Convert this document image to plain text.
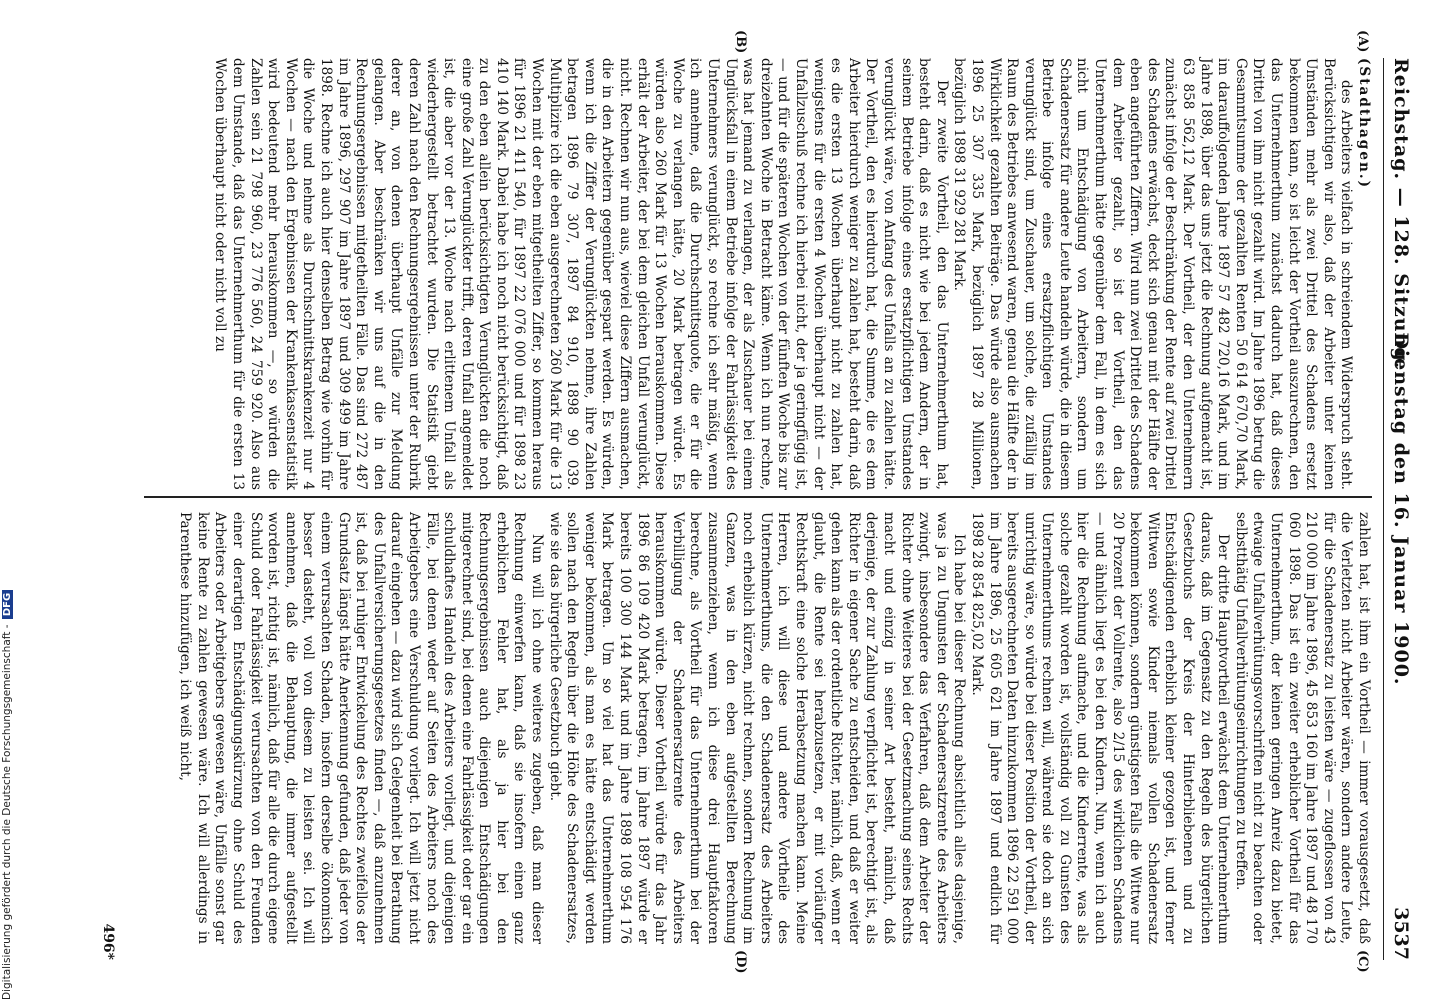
Reichstag. — 128. Sitzung.
Dienstag den 16. Januar 1900.
3537
(A)
(B)
(C)
(D)

(Stadthagen.)

des Arbeiters vielfach in schreiendem Widerspruch steht. Berücksichtigen wir also, daß der Arbeiter unter keinen Umständen mehr als zwei Drittel des Schadens ersetzt bekommen kann, so ist leicht der Vortheil auszurechnen, den das Unternehmerthum zunächst dadurch hat, daß dieses Drittel von ihm nicht gezahlt wird. Im Jahre 1896 betrug die Gesammtsumme der gezahlten Renten 50 614 670,70 Mark, im darauffolgenden Jahre 1897 57 482 720,16 Mark, und im Jahre 1898, über das uns jetzt die Rechnung aufgemacht ist, 63 858 562,12 Mark. Der Vortheil, der den Unternehmern zunächst infolge der Beschränkung der Rente auf zwei Drittel des Schadens erwächst, deckt sich genau mit der Hälfte der eben angeführten Ziffern. Wird nun zwei Drittel des Schadens dem Arbeiter gezahlt, so ist der Vortheil, den das Unternehmerthum hätte gegenüber dem Fall, in dem es sich nicht um Entschädigung von Arbeitern, sondern um Schadenersatz für andere Leute handeln würde, die in diesem Betriebe infolge eines ersatzpflichtigen Umstandes verunglückt sind, um Zuschauer, um solche, die zufällig im Raum des Betriebes anwesend waren, genau die Hälfte der in Wirklichkeit gezahlten Beiträge. Das würde also ausmachen 1896 25 307 335 Mark, bezüglich 1897 28 Millionen, bezüglich 1898 31 929 281 Mark.

Der zweite Vortheil, den das Unternehmerthum hat, besteht darin, daß es nicht wie bei jedem Andern, der in seinem Betriebe infolge eines ersatzpflichtigen Umstandes verunglückt wäre, von Anfang des Unfalls an zu zahlen hätte. Der Vortheil, den es hierdurch hat, die Summe, die es dem Arbeiter hierdurch weniger zu zahlen hat, besteht darin, daß es die ersten 13 Wochen überhaupt nicht zu zahlen hat, wenigstens für die ersten 4 Wochen überhaupt nicht — der Unfallzuschuß rechne ich hierbei nicht, der ja geringfügig ist, — und für die späteren Wochen von der fünften Woche bis zur dreizehnten Woche in Betracht käme. Wenn ich nun rechne, was hat jemand zu verlangen, der als Zuschauer bei einem Unglücksfall in einem Betriebe infolge der Fahrlässigkeit des Unternehmers verunglückt, so rechne ich sehr mäßig, wenn ich annehme, daß die Durchschnittsquote, die er für die Woche zu verlangen hätte, 20 Mark betragen würde. Es würden also 260 Mark für 13 Wochen herauskommen. Diese erhält der Arbeiter, der bei dem gleichen Unfall verunglückt, nicht. Rechnen wir nun aus, wieviel diese Ziffern ausmachen, die in den Arbeitern gegenüber gespart werden. Es würden, wenn ich die Ziffer der Verunglückten nehme, ihre Zahlen betragen 1896 79 307, 1897 84 910, 1898 90 039. Multiplizire ich die eben ausgerechneten 260 Mark für die 13 Wochen mit der eben mitgetheilten Ziffer, so kommen heraus für 1896 21 411 540, für 1897 22 076 000 und für 1898 23 410 140 Mark. Dabei habe ich noch nicht berücksichtigt, daß zu den eben allein berücksichtigten Verunglückten die noch eine große Zahl Verunglückter trifft, deren Unfall angemeldet ist, die aber vor der 13. Woche nach erlittenem Unfall als wiederhergestellt betrachtet wurden. Die Statistik giebt deren Zahl nach den Rechnungsergebnissen unter der Rubrik derer an, von denen überhaupt Unfälle zur Meldung gelangen. Aber beschränken wir uns auf die in den Rechnungsergebnissen mitgetheilten Fälle. Das sind 272 487 im Jahre 1896, 297 907 im Jahre 1897 und 309 499 im Jahre 1898. Rechne ich auch hier denselben Betrag wie vorhin für die Woche und nehme als Durchschnittskrankenzeit nur 4 Wochen — nach den Ergebnissen der Krankenkassenstatistik wird bedeutend mehr herauskommen —, so würden die Zahlen sein 21 798 960, 23 776 560, 24 759 920. Also aus dem Umstande, daß das Unternehmerthum für die ersten 13 Wochen überhaupt nicht oder nicht voll zu

zahlen hat, ist ihm ein Vortheil — immer vorausgesetzt, daß die Verletzten nicht Arbeiter wären, sondern andere Leute, für die Schadenersatz zu leisten wäre — zugeflossen von 43 210 000 im Jahre 1896, 45 853 160 im Jahre 1897 und 48 170 060 1898. Das ist ein zweiter erheblicher Vortheil für das Unternehmerthum, der keinen geringen Anreiz dazu bietet, etwaige Unfallverhütungsvorschriften nicht zu beachten oder selbstthätig Unfallverhütungseinrichtungen zu treffen.

Der dritte Hauptvortheil erwächst dem Unternehmerthum daraus, daß im Gegensatz zu den Regeln des bürgerlichen Gesetzbuchs der Kreis der Hinterbliebenen und zu Entschädigenden erheblich kleiner gezogen ist, und ferner Wittwen sowie Kinder niemals vollen Schadenersatz bekommen können, sondern günstigsten Falls die Wittwe nur 20 Prozent der Vollrente, also 2/15 des wirklichen Schadens — und ähnlich liegt es bei den Kindern. Nun, wenn ich auch hier die Rechnung aufmache, und die Kinderrente, was als solche gezahlt worden ist, vollständig voll zu Gunsten des Unternehmerthums rechnen will, während sie doch an sich unrichtig wäre, so würde bei dieser Position der Vortheil, der bereits ausgerechneten Daten hinzukommen 1896 22 591 000 im Jahre 1896, 25 605 621 im Jahre 1897 und endlich für 1898 28 854 825,02 Mark.

Ich habe bei dieser Rechnung absichtlich alles dasjenige, was ja zu Ungunsten der Schadenersatzrente des Arbeiters zwingt, insbesondere das Verfahren, daß dem Arbeiter der Richter ohne Weiteres bei der Gesetzmachung seines Rechts macht und einzig in seiner Art besteht, nämlich, daß derjenige, der zur Zahlung verpflichtet ist, berechtigt ist, als Richter in eigener Sache zu entscheiden, und daß er weiter gehen kann als der ordentliche Richter, nämlich, daß, wenn er glaubt, die Rente sei herabzusetzen, er mit vorläufiger Rechtskraft eine solche Herabsetzung machen kann. Meine Herren, ich will diese und andere Vortheile des Unternehmerthums, die den Schadenersatz des Arbeiters noch erheblich kürzen, nicht rechnen, sondern Rechnung im Ganzen, was in den eben aufgestellten Berechnung zusammenziehen, wenn ich diese drei Hauptfaktoren berechne, als Vortheil für das Unternehmerthum bei der Verbilligung der Schadenersatzrente des Arbeiters herauskommen würde. Dieser Vortheil würde für das Jahr 1896 86 109 420 Mark betragen, im Jahre 1897 würde er bereits 100 300 144 Mark und im Jahre 1898 108 954 176 Mark betragen. Um so viel hat das Unternehmerthum weniger bekommen, als man es hätte entschädigt werden sollen nach den Regeln über die Höhe des Schadenersatzes, wie sie das bürgerliche Gesetzbuch giebt.

Nun will ich ohne weiteres zugeben, daß man dieser Rechnung einwerfen kann, daß sie insofern einen ganz erheblichen Fehler hat, als ja hier bei den Rechnungsergebnissen auch diejenigen Entschädigungen mitgerechnet sind, bei denen eine Fahrlässigkeit oder gar ein schuldhaftes Handeln des Arbeiters vorliegt, und diejenigen Fälle, bei denen weder auf Seiten des Arbeiters noch des Arbeitgebers eine Verschuldung vorliegt. Ich will jetzt nicht darauf eingehen — dazu wird sich Gelegenheit bei Berathung des Unfallversicherungsgesetzes finden —, daß anzunehmen ist, daß bei ruhiger Entwickelung des Rechtes zweifellos der Grundsatz längst hätte Anerkennung gefunden, daß jeder von einem verursachten Schaden, insofern derselbe ökonomisch besser dasteht, voll von diesem zu leisten sei. Ich will annehmen, daß die Behauptung, die immer aufgestellt worden ist, richtig ist, nämlich, daß für alle die durch eigene Schuld oder Fahrlässigkeit verursachten von den Freunden einer derartigen Entschädigungskürzung ohne Schuld des Arbeiters oder Arbeitgebers gewesen wäre, Unfälle sonst gar keine Rente zu zahlen gewesen wäre. Ich will allerdings in Parenthese hinzufügen, ich weiß nicht,

496*
Digitalisierung gefördert durch die Deutsche Forschungsgemeinschaft - DFG
